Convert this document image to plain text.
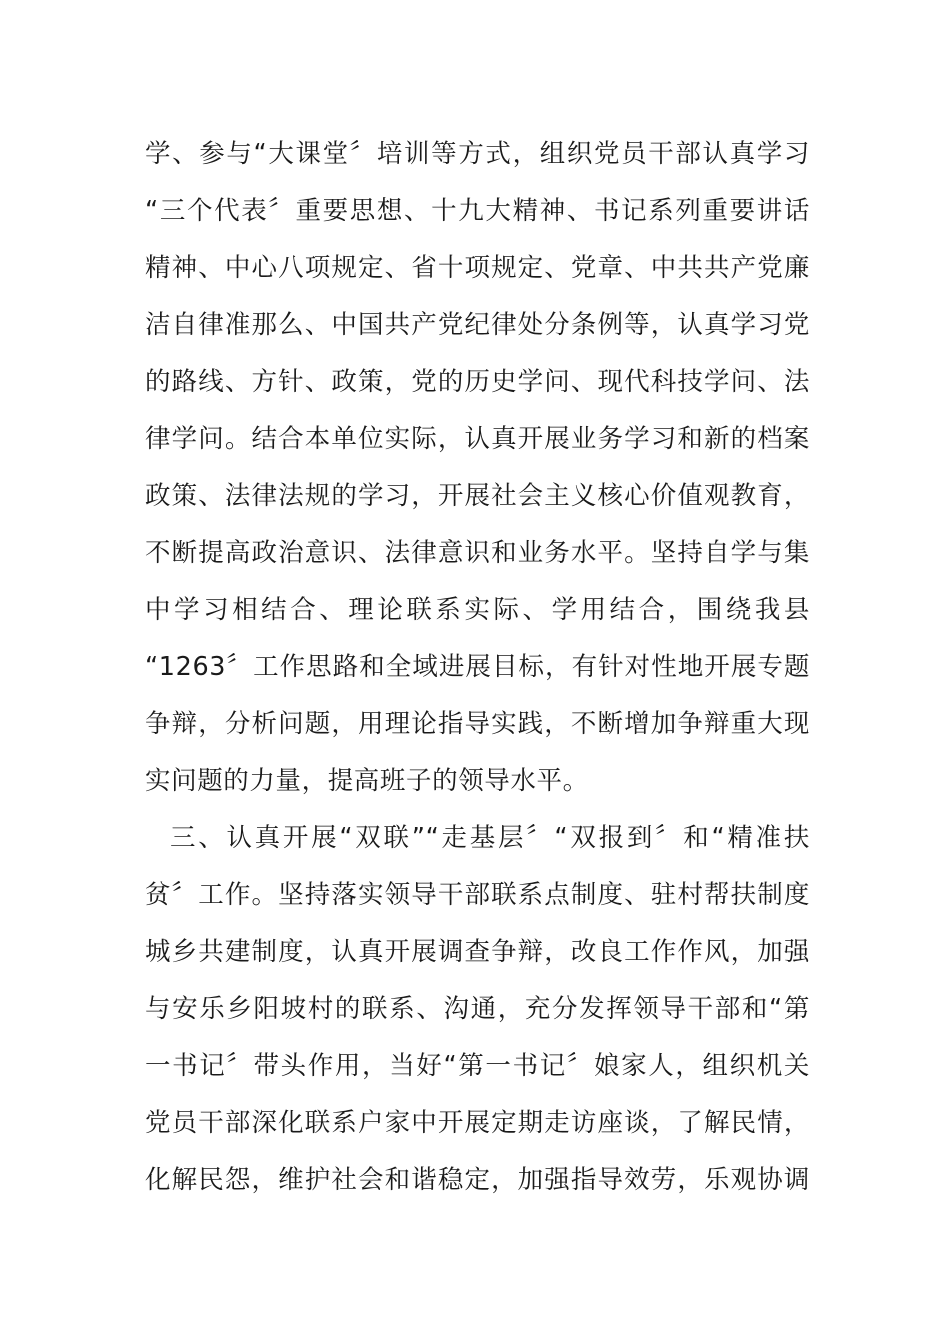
学、参与“大课堂〞培训等方式，组织党员干部认真学习
“三个代表〞重要思想、十九大精神、书记系列重要讲话
精神、中心八项规定、省十项规定、党章、中共共产党廉
洁自律准那么、中国共产党纪律处分条例等，认真学习党
的路线、方针、政策，党的历史学问、现代科技学问、法
律学问。结合本单位实际，认真开展业务学习和新的档案
政策、法律法规的学习，开展社会主义核心价值观教育，
不断提高政治意识、法律意识和业务水平。坚持自学与集
中学习相结合、理论联系实际、学用结合，围绕我县
“1263〞工作思路和全域进展目标，有针对性地开展专题
争辩，分析问题，用理论指导实践，不断增加争辩重大现
实问题的力量，提高班子的领导水平。
三、认真开展“双联”“走基层〞“双报到〞和“精准扶
贫〞工作。坚持落实领导干部联系点制度、驻村帮扶制度
城乡共建制度，认真开展调查争辩，改良工作作风，加强
与安乐乡阳坡村的联系、沟通，充分发挥领导干部和“第
一书记〞带头作用，当好“第一书记〞娘家人，组织机关
党员干部深化联系户家中开展定期走访座谈，了解民情，
化解民怨，维护社会和谐稳定，加强指导效劳，乐观协调
